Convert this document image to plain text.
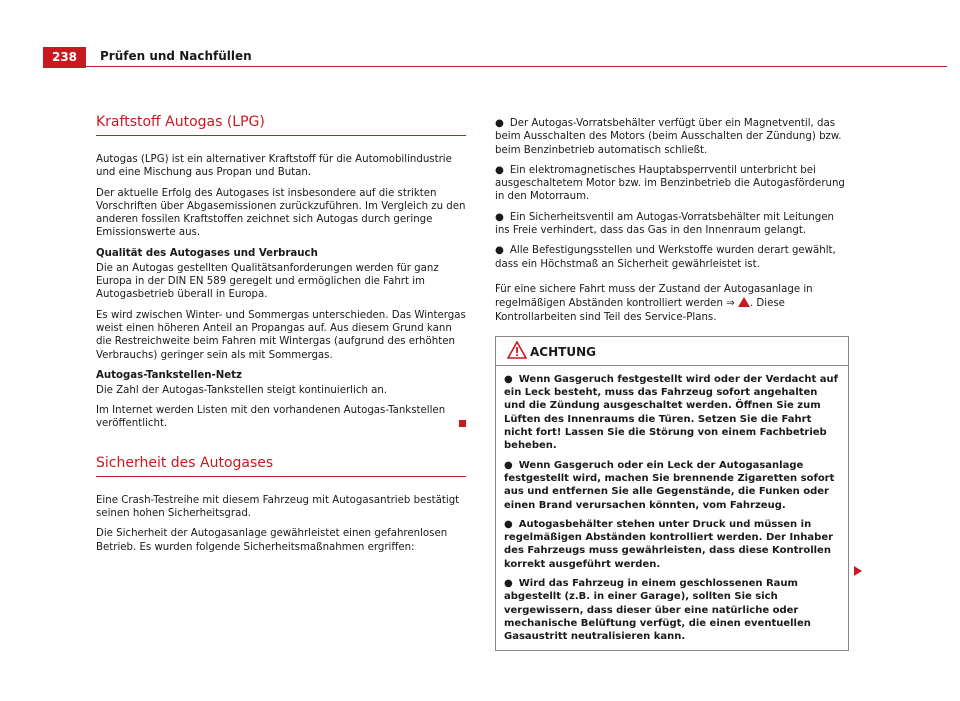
238	Prüfen und Nachfüllen
Kraftstoff Autogas (LPG)

Autogas (LPG) ist ein alternativer Kraftstoff für die Automobilindustrie und eine Mischung aus Propan und Butan.

Der aktuelle Erfolg des Autogases ist insbesondere auf die strikten Vorschriften über Abgasemissionen zurückzuführen. Im Vergleich zu den anderen fossilen Kraftstoffen zeichnet sich Autogas durch geringe Emissionswerte aus.

Qualität des Autogases und Verbrauch

Die an Autogas gestellten Qualitätsanforderungen werden für ganz Europa in der DIN EN 589 geregelt und ermöglichen die Fahrt im Autogasbetrieb überall in Europa.

Es wird zwischen Winter- und Sommergas unterschieden. Das Wintergas weist einen höheren Anteil an Propangas auf. Aus diesem Grund kann die Restreichweite beim Fahren mit Wintergas (aufgrund des erhöhten Verbrauchs) geringer sein als mit Sommergas.

Autogas-Tankstellen-Netz

Die Zahl der Autogas-Tankstellen steigt kontinuierlich an.

Im Internet werden Listen mit den vorhandenen Autogas-Tankstellen veröffentlicht.

Sicherheit des Autogases

Eine Crash-Testreihe mit diesem Fahrzeug mit Autogasantrieb bestätigt seinen hohen Sicherheitsgrad.

Die Sicherheit der Autogasanlage gewährleistet einen gefahrenlosen Betrieb. Es wurden folgende Sicherheitsmaßnahmen ergriffen:

● Der Autogas-Vorratsbehälter verfügt über ein Magnetventil, das beim Ausschalten des Motors (beim Ausschalten der Zündung) bzw. beim Benzinbetrieb automatisch schließt.
● Ein elektromagnetisches Hauptabsperrventil unterbricht bei ausgeschaltetem Motor bzw. im Benzinbetrieb die Autogasförderung in den Motorraum.
● Ein Sicherheitsventil am Autogas-Vorratsbehälter mit Leitungen ins Freie verhindert, dass das Gas in den Innenraum gelangt.
● Alle Befestigungsstellen und Werkstoffe wurden derart gewählt, dass ein Höchstmaß an Sicherheit gewährleistet ist.

Für eine sichere Fahrt muss der Zustand der Autogasanlage in regelmäßigen Abständen kontrolliert werden ⇒ . Diese Kontrollarbeiten sind Teil des Service-Plans.

ACHTUNG
● Wenn Gasgeruch festgestellt wird oder der Verdacht auf ein Leck besteht, muss das Fahrzeug sofort angehalten und die Zündung ausgeschaltet werden. Öffnen Sie zum Lüften des Innenraums die Türen. Setzen Sie die Fahrt nicht fort! Lassen Sie die Störung von einem Fachbetrieb beheben.
● Wenn Gasgeruch oder ein Leck der Autogasanlage festgestellt wird, machen Sie brennende Zigaretten sofort aus und entfernen Sie alle Gegenstände, die Funken oder einen Brand verursachen könnten, vom Fahrzeug.
● Autogasbehälter stehen unter Druck und müssen in regelmäßigen Abständen kontrolliert werden. Der Inhaber des Fahrzeugs muss gewährleisten, dass diese Kontrollen korrekt ausgeführt werden.
● Wird das Fahrzeug in einem geschlossenen Raum abgestellt (z.B. in einer Garage), sollten Sie sich vergewissern, dass dieser über eine natürliche oder mechanische Belüftung verfügt, die einen eventuellen Gasaustritt neutralisieren kann.
